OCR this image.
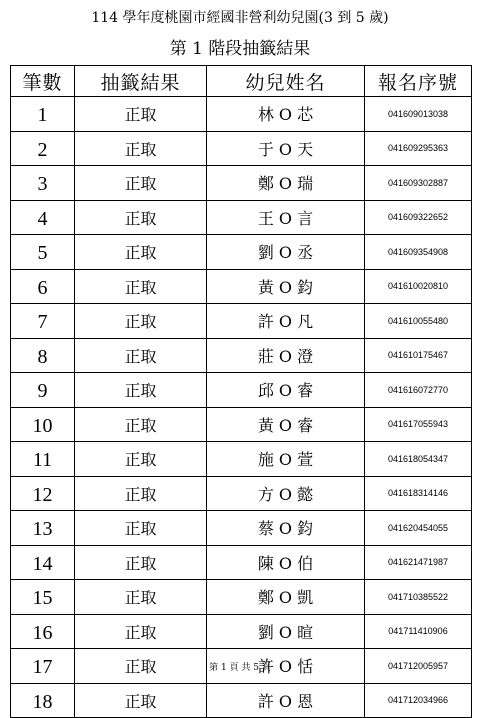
114 學年度桃園市經國非營利幼兒園(3 到 5 歲)
第 1 階段抽籤結果
筆數	抽籤結果	幼兒姓名	報名序號
1	正取	林 O 芯	041609013038
2	正取	于 O 天	041609295363
3	正取	鄭 O 瑞	041609302887
4	正取	王 O 言	041609322652
5	正取	劉 O 丞	041609354908
6	正取	黃 O 鈞	041610020810
7	正取	許 O 凡	041610055480
8	正取	莊 O 澄	041610175467
9	正取	邱 O 睿	041616072770
10	正取	黃 O 睿	041617055943
11	正取	施 O 萱	041618054347
12	正取	方 O 懿	041618314146
13	正取	蔡 O 鈞	041620454055
14	正取	陳 O 伯	041621471987
15	正取	鄭 O 凱	041710385522
16	正取	劉 O 暄	041711410906
17	正取	許 O 恬	041712005957
18	正取	許 O 恩	041712034966
第 1 頁 共 5 頁
